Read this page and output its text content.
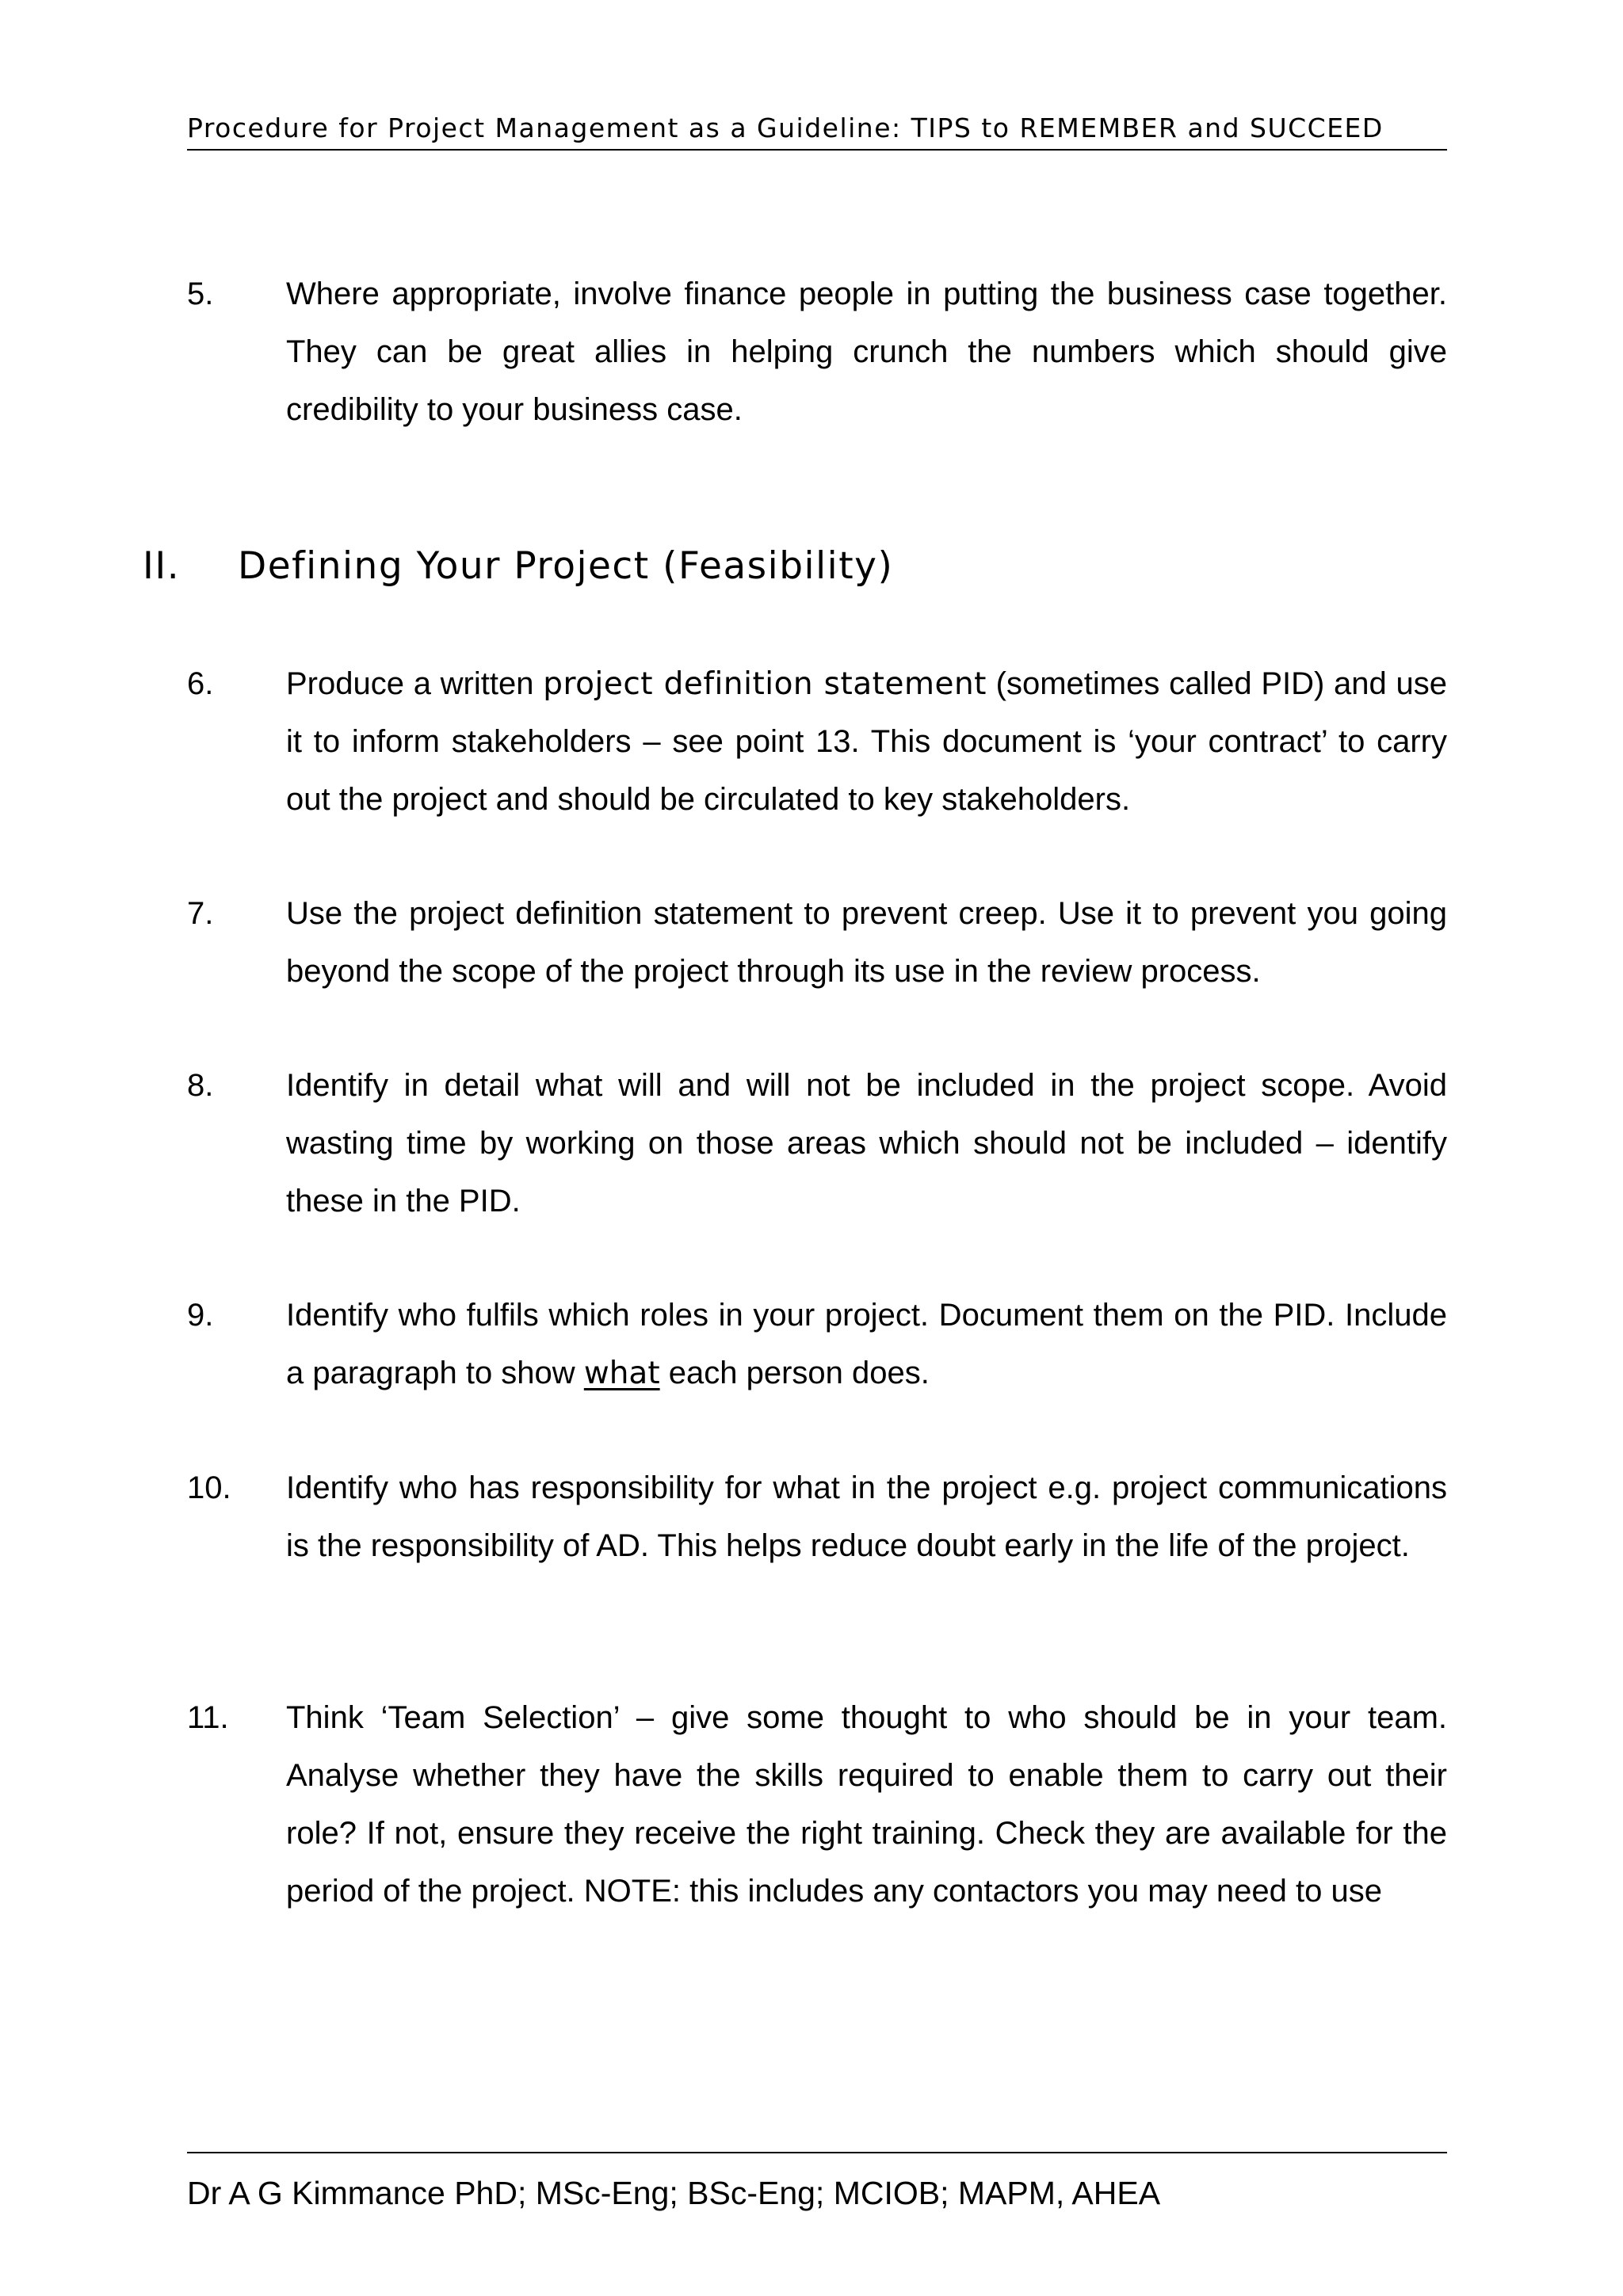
Procedure for Project Management as a Guideline: TIPS to REMEMBER and SUCCEED
5.	Where appropriate, involve finance people in putting the business case together. They can be great allies in helping crunch the numbers which should give credibility to your business case.
II. Defining Your Project (Feasibility)
6.	Produce a written project definition statement (sometimes called PID) and use it to inform stakeholders – see point 13. This document is ‘your contract’ to carry out the project and should be circulated to key stakeholders.
7.	Use the project definition statement to prevent creep. Use it to prevent you going beyond the scope of the project through its use in the review process.
8.	Identify in detail what will and will not be included in the project scope. Avoid wasting time by working on those areas which should not be included – identify these in the PID.
9.	Identify who fulfils which roles in your project. Document them on the PID. Include a paragraph to show what each person does.
10.	Identify who has responsibility for what in the project e.g. project communications is the responsibility of AD. This helps reduce doubt early in the life of the project.
11.	Think ‘Team Selection’ – give some thought to who should be in your team. Analyse whether they have the skills required to enable them to carry out their role? If not, ensure they receive the right training. Check they are available for the period of the project. NOTE: this includes any contactors you may need to use
Dr A G Kimmance PhD; MSc-Eng; BSc-Eng; MCIOB; MAPM, AHEA
